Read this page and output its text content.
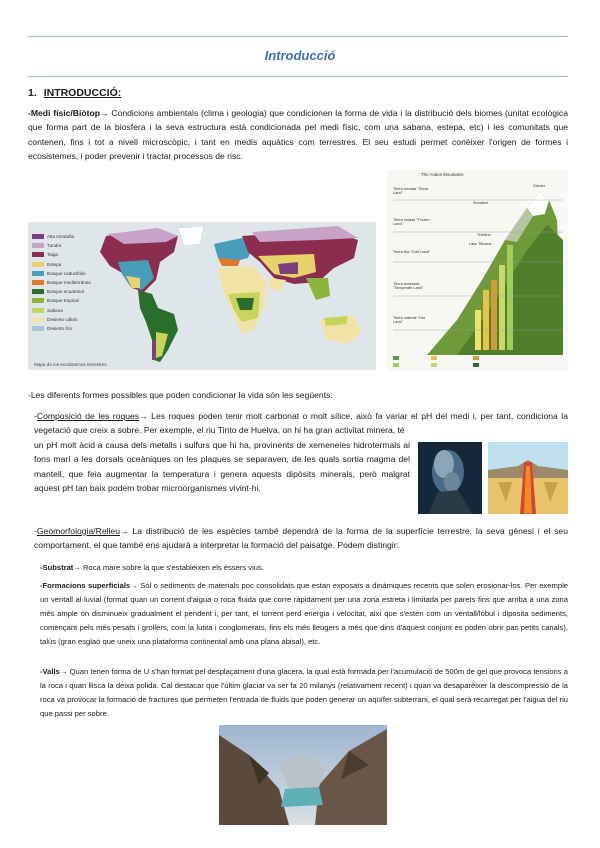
Introducció
1. INTRODUCCIÓ:

-Medi físic/Biòtop→ Condicions ambientals (clima i geologia) que condicionen la forma de vida i la distribució dels biomes (unitat ecològica que forma part de la biosfera i la seva estructura està condicionada pel medi físic, com una sabana, estepa, etc) i les comunitats que contenen, fins i tot a nivell microscòpic, i tant en medis aquàtics com terrestres. El seu estudi permet conèixer l'origen de formes i ecosistemes, i poder prevenir i tractar processos de risc.

Alta montaña
Tundra
Taiga
Estepa
Bosque caducifolio
Bosque mediterráneo
Bosque ecuatorial
Bosque tropical
Sabana
Desierto cálido
Desierto frío
Mapa de los ecosistemas terrestres.
The Andes Mountains
Tierra nevada "Snow Land"
Tierra helada "Frozen Land"
Tierra fria "Cold Land"
Tierra templada "Temperate Land"
Tierra caliente "Hot Land"
Glacier
Snowline
Treeline
Lake Titicaca

-Les diferents formes possibles que poden condicionar la vida són les següents:

-Composició de les roques→ Les roques poden tenir molt carbonat o molt sílice, això fa variar el pH del medi i, per tant, condiciona la vegetació que creix a sobre. Per exemple, el riu Tinto de Huelva, on hi ha gran activitat minera, té

un pH molt àcid a causa dels metalls i sulfurs que hi ha, provinents de xemeneies hidrotermals al fons marí a les dorsals oceàniques on les plaques se separaven, de les quals sortia magma del mantell, que feia augmentar la temperatura i genera aquests dipòsits minerals, però malgrat aquest pH tan baix podem trobar microorganismes vivint-hi.

-Geomorfologia/Relleu→ La distribució de les espècies també dependrà de la forma de la superfície terrestre, la seva gènesi i el seu comportament, el que també ens ajudarà a interpretar la formació del paisatge. Podem distingir:

-Substrat→ Roca mare sobre la que s'estableixen els éssers vius.

-Formacions superficials→ Sòl o sediments de materials poc consolidats que estan exposats a dinàmiques recents que solen erosionar-los. Per exemple un ventall al·luvial (format quan un corrent d'aigua o roca fluida que corre ràpidament per una zona estreta i limitada per parets fins que arriba a una zona més ample on disminueix gradualment el pendent i, per tant, el torrent perd energia i velocitat, així que s'estén com un ventall/lòbul i diposita sediments, començant pels més pesats i grollers, com la lutita i conglomerats, fins els més lleugers a més que dins d'aquest conjunt es poden obrir pas petits canals), talús (gran esglaó que uneix una plataforma continental amb una plana abisal), etc.

-Valls→ Quan tenen forma de U s'han format pel desplaçament d'una glacera, la qual està formada per l'acumulació de 500m de gel que provoca tensions a la roca i quan llisca la deixa polida. Cal destacar que l'últim glaciar va ser fa 20 milanys (relativament recent) i quan va desaparèixer la descompressió de la roca va provocar la formació de fractures que permeten l'entrada de fluids que poden generar un aqüífer subterrani, el qual serà recarregat per l'aigua del riu que passi per sobre.
